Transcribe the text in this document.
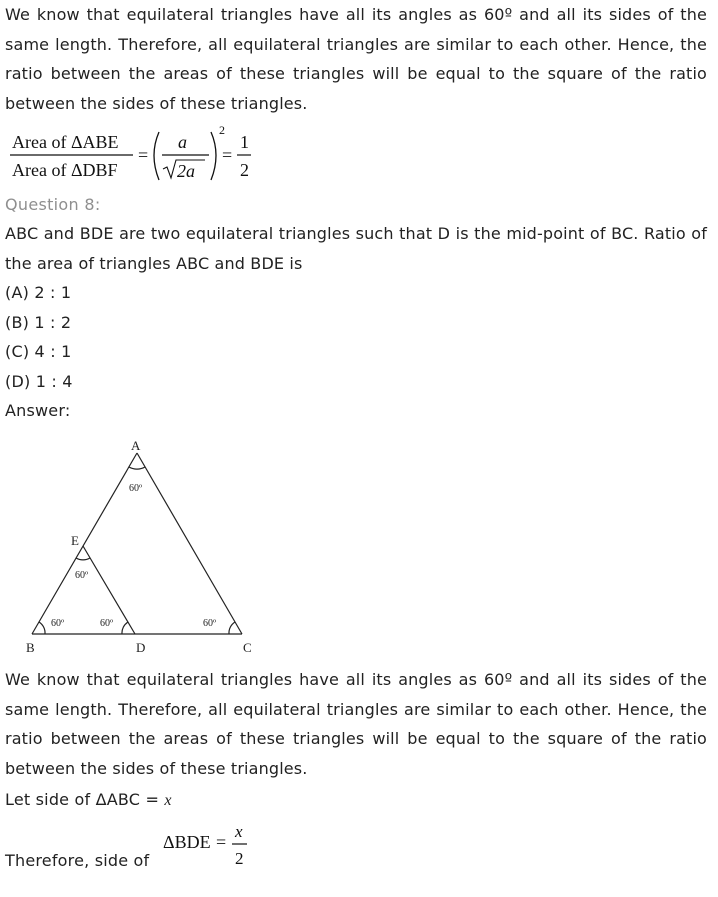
We know that equilateral triangles have all its angles as 60º and all its sides of the same length. Therefore, all equilateral triangles are similar to each other. Hence, the ratio between the areas of these triangles will be equal to the square of the ratio between the sides of these triangles.

Area of ΔABE
Area of ΔDBF
=
a
2a
2
=
1
2

Question 8:

ABC and BDE are two equilateral triangles such that D is the mid-point of BC. Ratio of the area of triangles ABC and BDE is

(A) 2 : 1

(B) 1 : 2

(C) 4 : 1

(D) 1 : 4

Answer:

A
E
B	D	C
60º
60º
60º	60º	60º

We know that equilateral triangles have all its angles as 60º and all its sides of the same length. Therefore, all equilateral triangles are similar to each other. Hence, the ratio between the areas of these triangles will be equal to the square of the ratio between the sides of these triangles.

Let side of ΔABC = x

Therefore, side of
ΔBDE =
x
2
